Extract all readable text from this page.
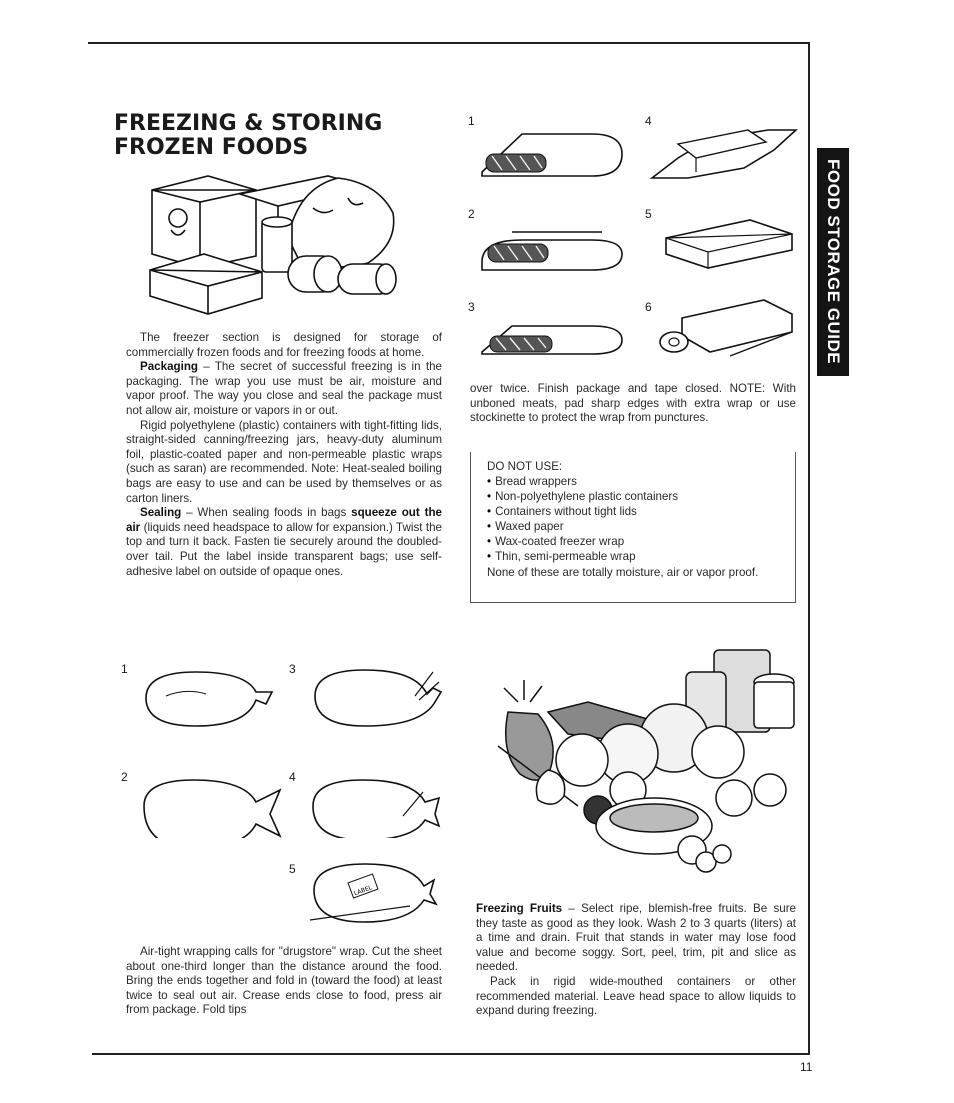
FOOD STORAGE GUIDE
FREEZING & STORING FROZEN FOODS

The freezer section is designed for storage of commercially frozen foods and for freezing foods at home.

Packaging – The secret of successful freezing is in the packaging. The wrap you use must be air, moisture and vapor proof. The way you close and seal the package must not allow air, moisture or vapors in or out.

Rigid polyethylene (plastic) containers with tight-fitting lids, straight-sided canning/freezing jars, heavy-duty aluminum foil, plastic-coated paper and non-permeable plastic wraps (such as saran) are recommended. Note: Heat-sealed boiling bags are easy to use and can be used by themselves or as carton liners.

Sealing – When sealing foods in bags squeeze out the air (liquids need headspace to allow for expansion.) Twist the top and turn it back. Fasten tie securely around the doubled-over tail. Put the label inside transparent bags; use self-adhesive label on outside of opaque ones.

1	3
2	4
5
LABEL

Air-tight wrapping calls for "drugstore" wrap. Cut the sheet about one-third longer than the distance around the food. Bring the ends together and fold in (toward the food) at least twice to seal out air. Crease ends close to food, press air from package. Fold tips

1	4
2	5
3	6

over twice. Finish package and tape closed. NOTE: With unboned meats, pad sharp edges with extra wrap or use stockinette to protect the wrap from punctures.

DO NOT USE:
• Bread wrappers
• Non-polyethylene plastic containers
• Containers without tight lids
• Waxed paper
• Wax-coated freezer wrap
• Thin, semi-permeable wrap
None of these are totally moisture, air or vapor proof.

Freezing Fruits – Select ripe, blemish-free fruits. Be sure they taste as good as they look. Wash 2 to 3 quarts (liters) at a time and drain. Fruit that stands in water may lose food value and become soggy. Sort, peel, trim, pit and slice as needed.

Pack in rigid wide-mouthed containers or other recommended material. Leave head space to allow liquids to expand during freezing.

11
